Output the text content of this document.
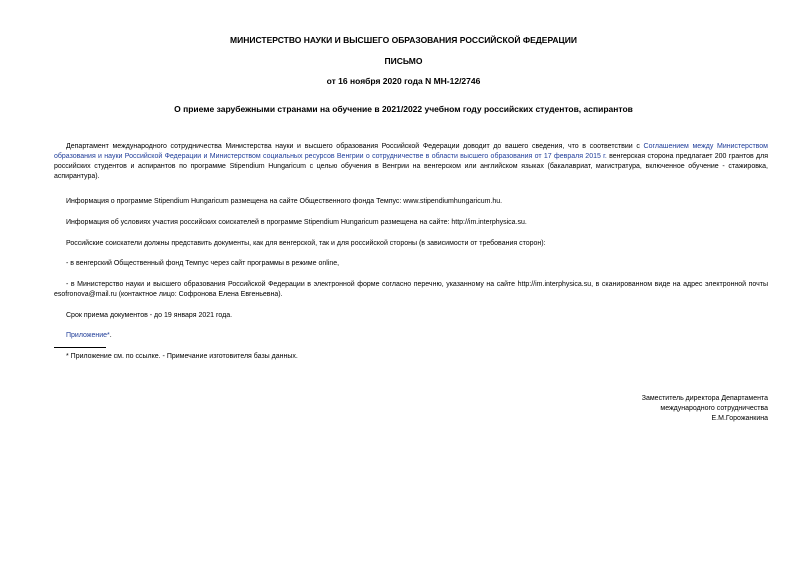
МИНИСТЕРСТВО НАУКИ И ВЫСШЕГО ОБРАЗОВАНИЯ РОССИЙСКОЙ ФЕДЕРАЦИИ
ПИСЬМО
от 16 ноября 2020 года N МН-12/2746
О приеме зарубежными странами на обучение в 2021/2022 учебном году российских студентов, аспирантов

Департамент международного сотрудничества Министерства науки и высшего образования Российской Федерации доводит до вашего сведения, что в соответствии с Соглашением между Министерством образования и науки Российской Федерации и Министерством социальных ресурсов Венгрии о сотрудничестве в области высшего образования от 17 февраля 2015 г. венгерская сторона предлагает 200 грантов для российских студентов и аспирантов по программе Stipendium Hungaricum с целью обучения в Венгрии на венгерском или английском языках (бакалавриат, магистратура, включенное обучение - стажировка, аспирантура).

Информация о программе Stipendium Hungaricum размещена на сайте Общественного фонда Темпус: www.stipendiumhungaricum.hu.

Информация об условиях участия российских соискателей в программе Stipendium Hungaricum размещена на сайте: http://im.interphysica.su.

Российские соискатели должны представить документы, как для венгерской, так и для российской стороны (в зависимости от требования сторон):

- в венгерский Общественный фонд Темпус через сайт программы в режиме online,

- в Министерство науки и высшего образования Российской Федерации в электронной форме согласно перечню, указанному на сайте http://im.interphysica.su, в сканированном виде на адрес электронной почты esofronova@mail.ru (контактное лицо: Софронова Елена Евгеньевна).

Срок приема документов - до 19 января 2021 года.

Приложение*.

* Приложение см. по ссылке. - Примечание изготовителя базы данных.

Заместитель директора Департамента
международного сотрудничества
Е.М.Горожанкина
